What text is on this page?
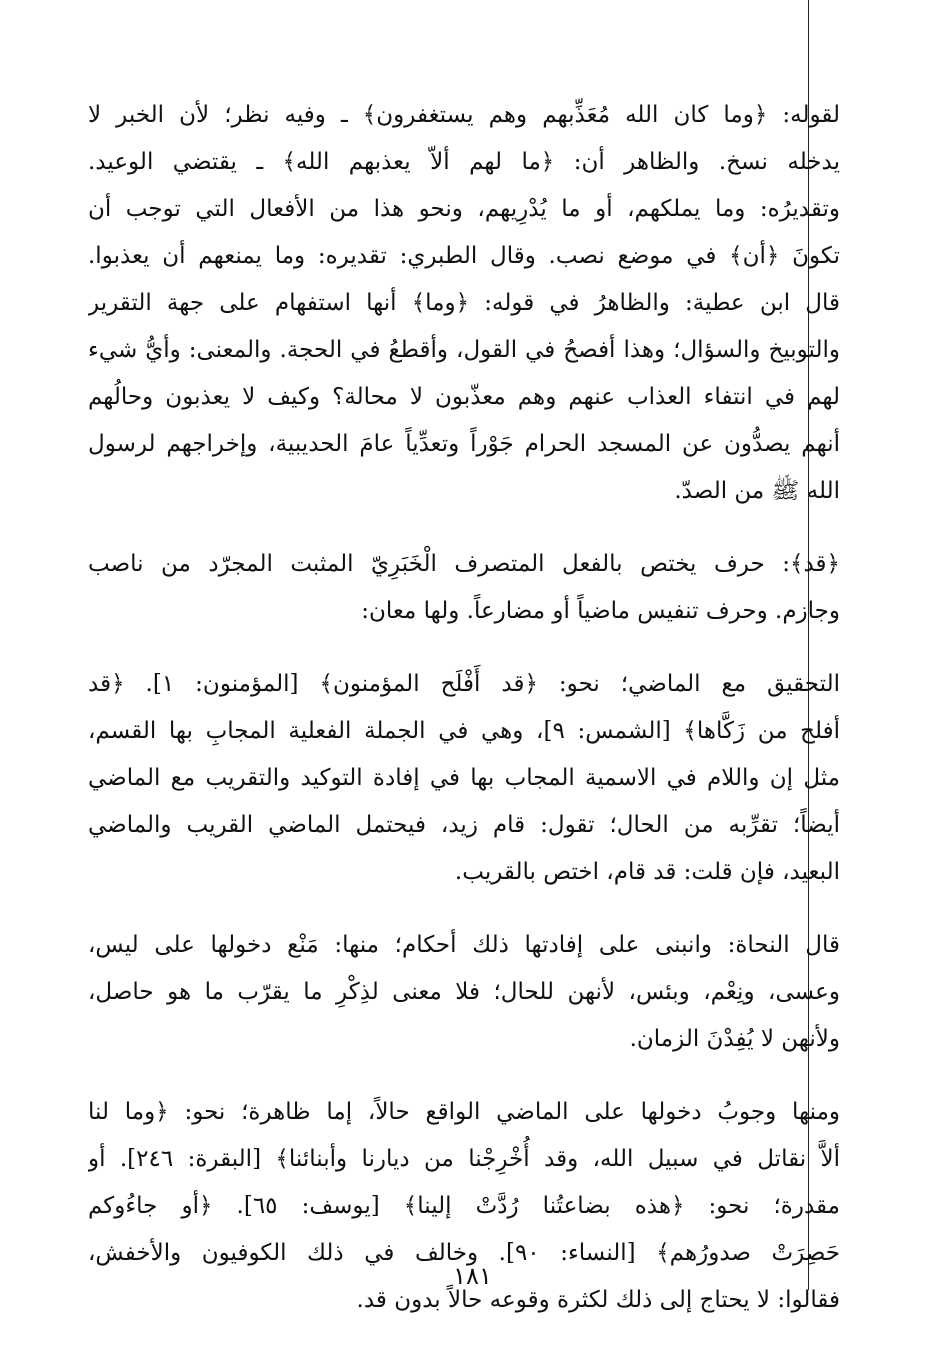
لقوله: ﴿وما كان الله مُعَذِّبهم وهم يستغفرون﴾ ـ وفيه نظر؛ لأن الخبر لا
يدخله نسخ. والظاهر أن: ﴿ما لهم ألاّ يعذبهم الله﴾ ـ يقتضي الوعيد.
وتقديرُه: وما يملكهم، أو ما يُدْرِيهم، ونحو هذا من الأفعال التي توجب أن
تكونَ ﴿أن﴾ في موضع نصب. وقال الطبري: تقديره: وما يمنعهم أن يعذبوا.
قال ابن عطية: والظاهرُ في قوله: ﴿وما﴾ أنها استفهام على جهة التقرير
والتوبيخ والسؤال؛ وهذا أفصحُ في القول، وأقطعُ في الحجة. والمعنى: وأيُّ شيء
لهم في انتفاء العذاب عنهم وهم معذّبون لا محالة؟ وكيف لا يعذبون وحالُهم
أنهم يصدُّون عن المسجد الحرام جَوْراً وتعدِّياً عامَ الحديبية، وإخراجهم لرسول
الله ﷺ من الصدّ.
﴿قد﴾: حرف يختص بالفعل المتصرف الْخَبَرِيّ المثبت المجرّد من ناصب
وجازم. وحرف تنفيس ماضياً أو مضارعاً. ولها معان:
التحقيق مع الماضي؛ نحو: ﴿قد أَفْلَح المؤمنون﴾ [المؤمنون: ١]. ﴿قد
أفلح من زَكَّاها﴾ [الشمس: ٩]، وهي في الجملة الفعلية المجابِ بها القسم،
مثل إن واللام في الاسمية المجاب بها في إفادة التوكيد والتقريب مع الماضي
أيضاً؛ تقرِّبه من الحال؛ تقول: قام زيد، فيحتمل الماضي القريب والماضي
البعيد، فإن قلت: قد قام، اختص بالقريب.
قال النحاة: وانبنى على إفادتها ذلك أحكام؛ منها: مَنْع دخولها على ليس،
وعسى، ونِعْم، وبئس، لأنهن للحال؛ فلا معنى لذِكْرِ ما يقرّب ما هو حاصل،
ولأنهن لا يُفِدْنَ الزمان.
ومنها وجوبُ دخولها على الماضي الواقع حالاً، إما ظاهرة؛ نحو: ﴿وما لنا
ألاَّ نقاتل في سبيل الله، وقد أُخْرِجْنا من ديارنا وأبنائنا﴾ [البقرة: ٢٤٦]. أو
مقدرة؛ نحو: ﴿هذه بضاعتُنا رُدَّتْ إلينا﴾ [يوسف: ٦٥]. ﴿أو جاءُوكم
حَصِرَتْ صدورُهم﴾ [النساء: ٩٠]. وخالف في ذلك الكوفيون والأخفش،
فقالوا: لا يحتاج إلى ذلك لكثرة وقوعه حالاً بدون قد.
١٨١
